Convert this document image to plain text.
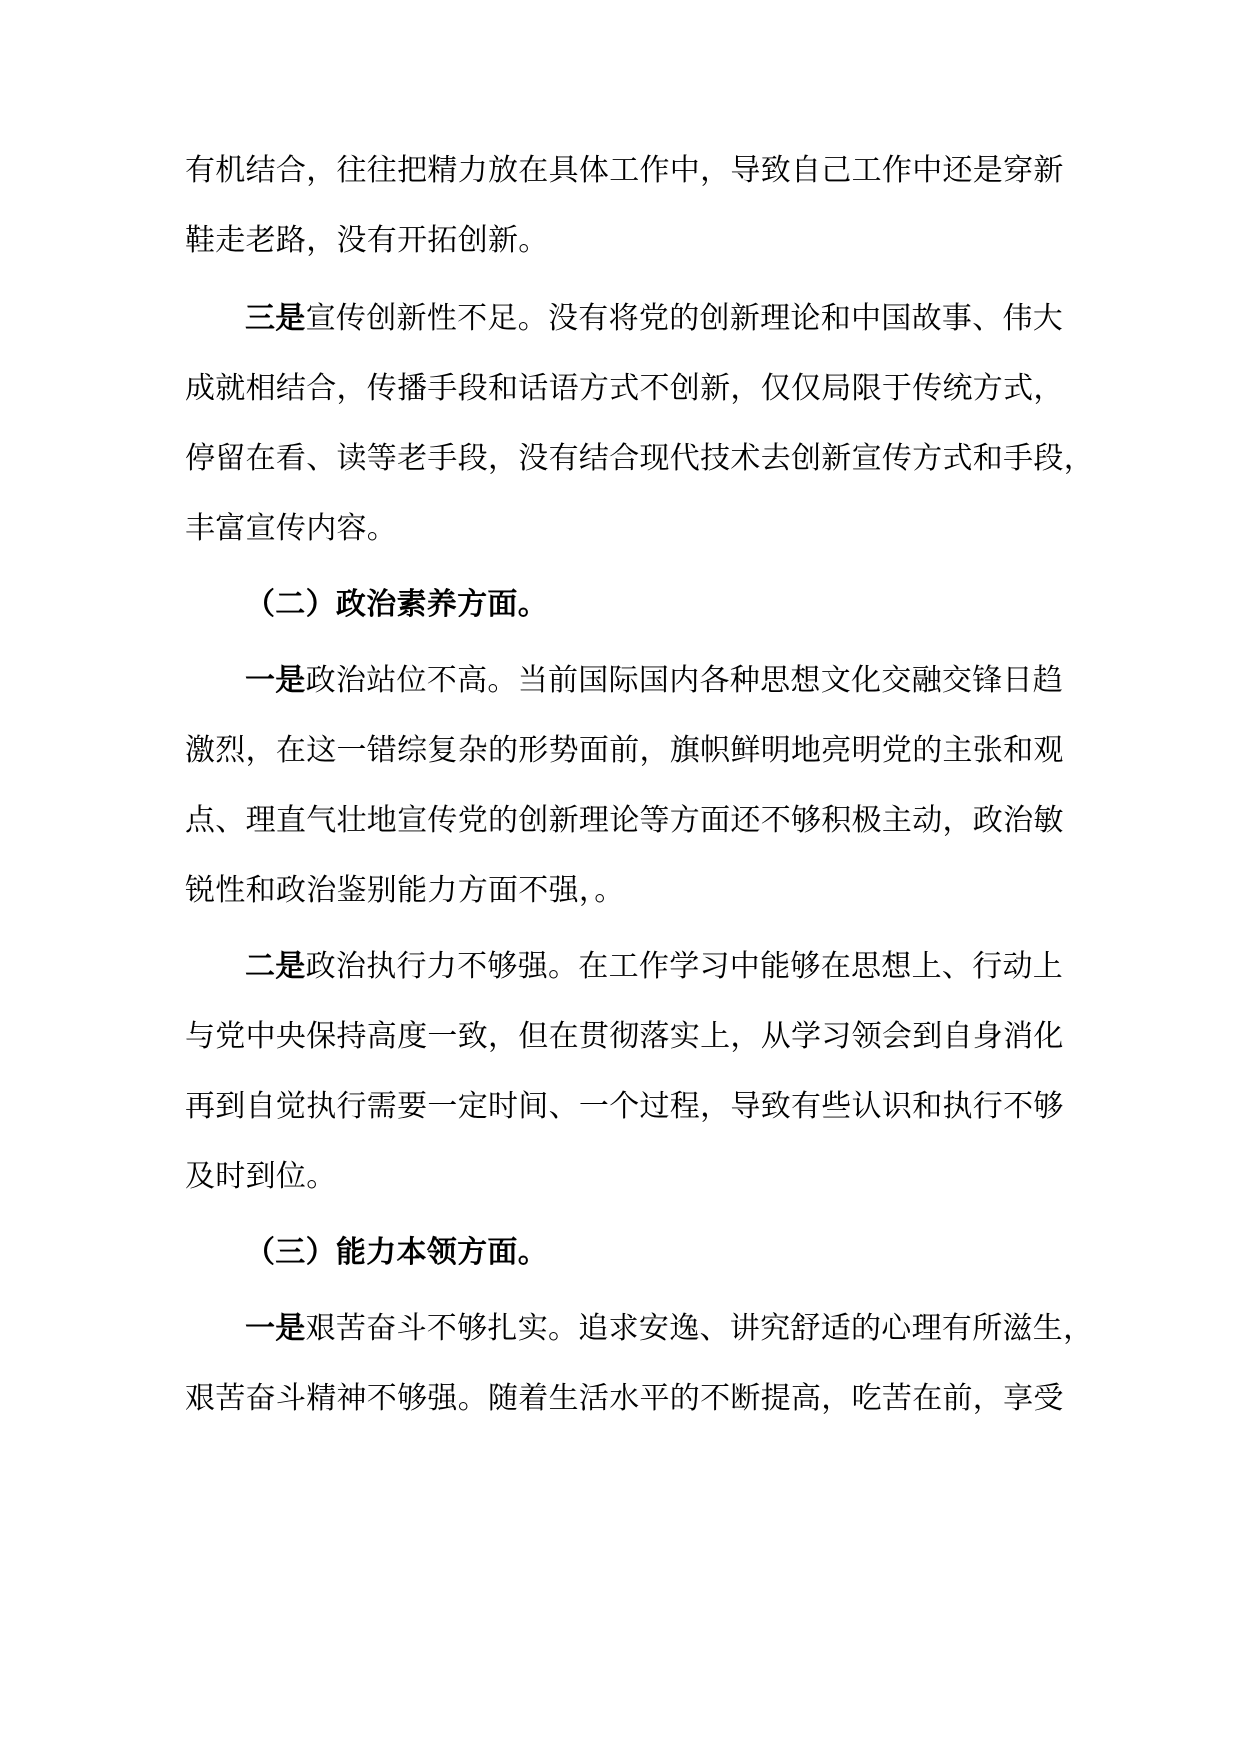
有机结合，往往把精力放在具体工作中，导致自己工作中还是穿新
鞋走老路，没有开拓创新。
三是宣传创新性不足。没有将党的创新理论和中国故事、伟大
成就相结合，传播手段和话语方式不创新，仅仅局限于传统方式，
停留在看、读等老手段，没有结合现代技术去创新宣传方式和手段，
丰富宣传内容。
（二）政治素养方面。
一是政治站位不高。当前国际国内各种思想文化交融交锋日趋
激烈，在这一错综复杂的形势面前，旗帜鲜明地亮明党的主张和观
点、理直气壮地宣传党的创新理论等方面还不够积极主动，政治敏
锐性和政治鉴别能力方面不强，。
二是政治执行力不够强。在工作学习中能够在思想上、行动上
与党中央保持高度一致，但在贯彻落实上，从学习领会到自身消化
再到自觉执行需要一定时间、一个过程，导致有些认识和执行不够
及时到位。
（三）能力本领方面。
一是艰苦奋斗不够扎实。追求安逸、讲究舒适的心理有所滋生，
艰苦奋斗精神不够强。随着生活水平的不断提高，吃苦在前，享受
